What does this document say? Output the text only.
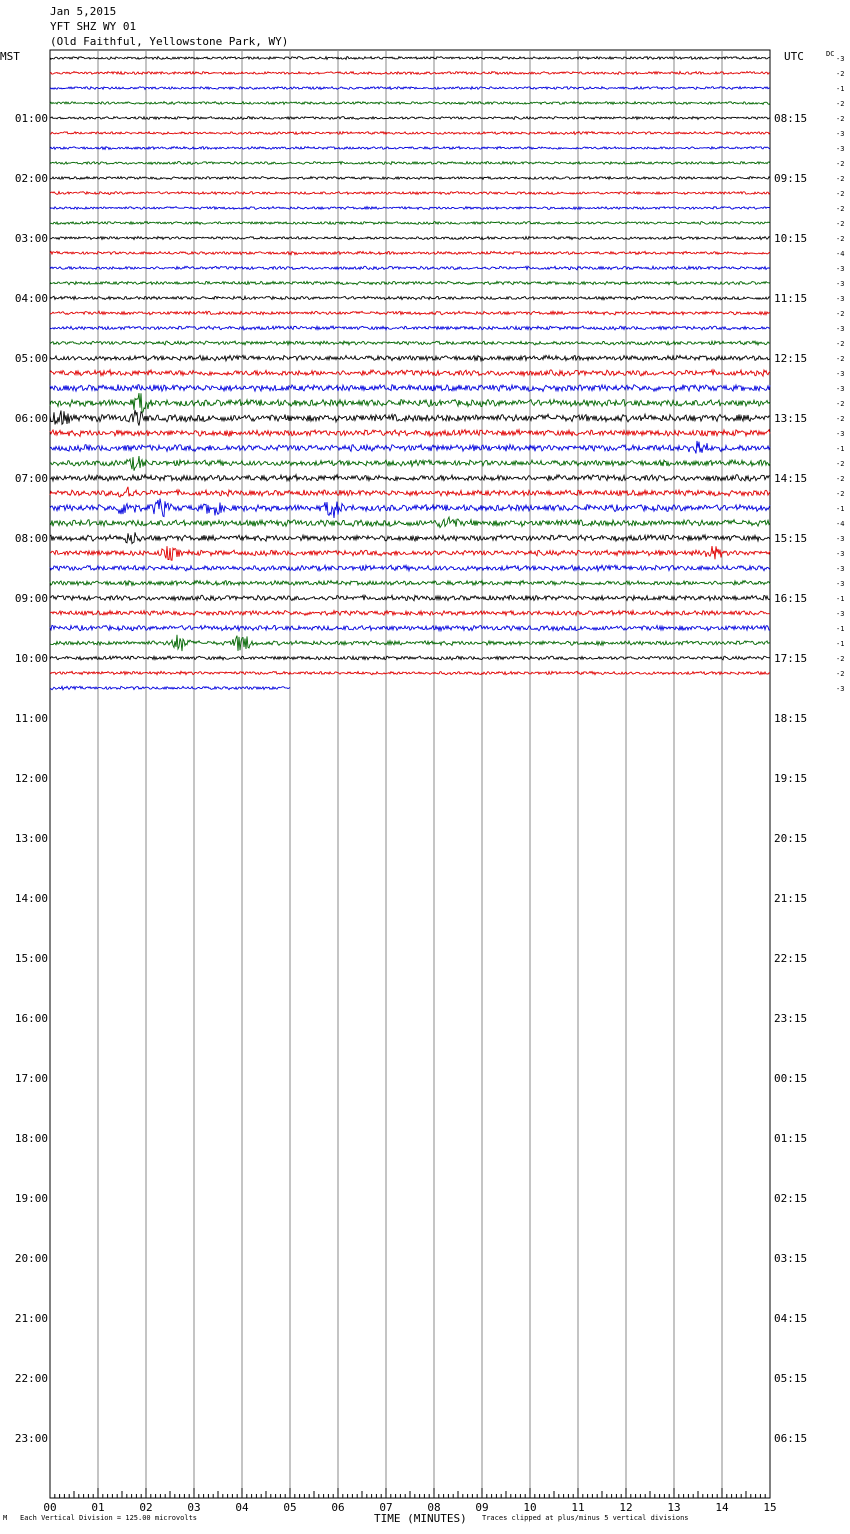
Jan 5,2015
YFT SHZ WY 01
(Old Faithful, Yellowstone Park, WY)
MST	UTC
00	01	02	03	04	05	06	07	08	09	10	11	12	13	14	15
01:00
02:00
03:00
04:00
05:00
06:00
07:00
08:00
09:00
10:00
11:00
12:00
13:00
14:00
15:00
16:00
17:00
18:00
19:00
20:00
21:00
22:00
23:00
08:15
09:15
10:15
11:15
12:15
13:15
14:15
15:15
16:15
17:15
18:15
19:15
20:15
21:15
22:15
23:15
00:15
01:15
02:15
03:15
04:15
05:15
06:15
DC
-3
-2
-1
-2
-2
-3
-3
-2
-2
-2
-2
-2
-2
-4
-3
-3
-3
-2
-3
-2
-2
-3
-3
-2
-2
-3
-1
-2
-2
-2
-1
-4
-3
-3
-3
-3
-1
-3
-1
-1
-2
-2
-3
M Each Vertical Division = 125.00 microvolts	TIME (MINUTES) Traces clipped at plus/minus 5 vertical divisions
